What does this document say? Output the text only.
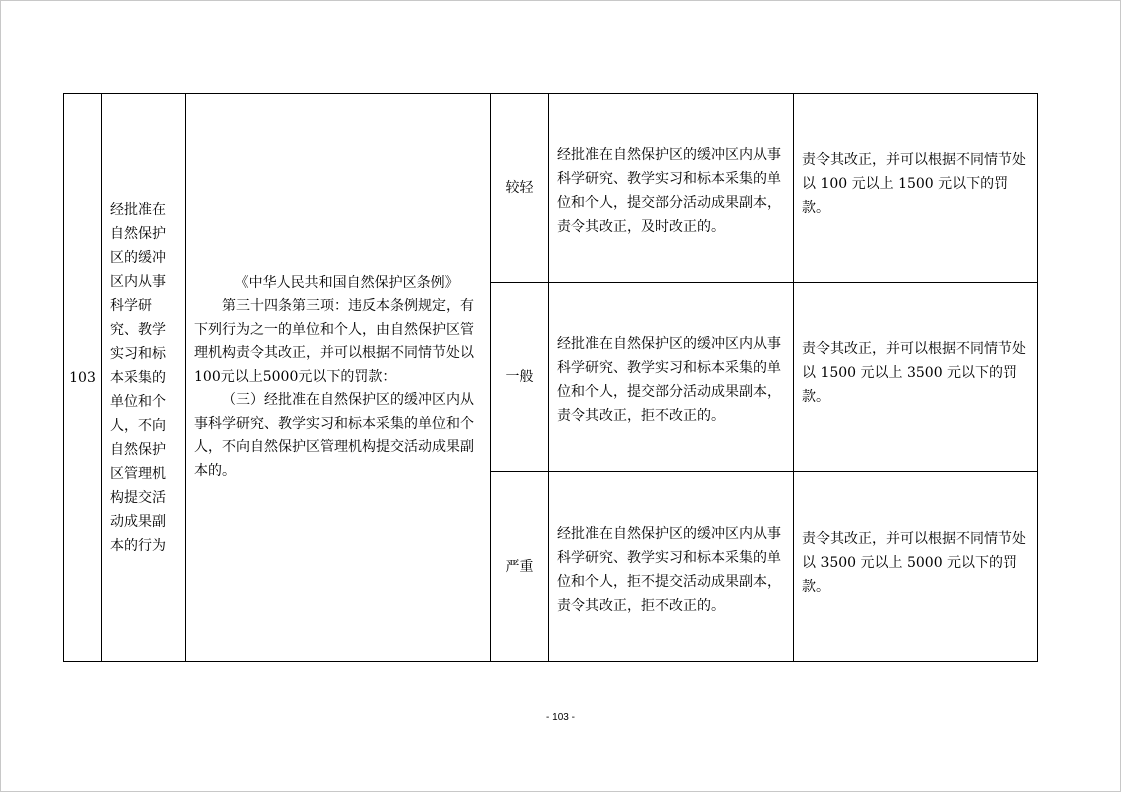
103	经批准在自然保护区的缓冲区内从事科学研究、教学实习和标本采集的单位和个人，不向自然保护区管理机构提交活动成果副本的行为	《中华人民共和国自然保护区条例》

第三十四条第三项：违反本条例规定，有下列行为之一的单位和个人，由自然保护区管理机构责令其改正，并可以根据不同情节处以100元以上5000元以下的罚款：

（三）经批准在自然保护区的缓冲区内从事科学研究、教学实习和标本采集的单位和个人，不向自然保护区管理机构提交活动成果副本的。	较轻	经批准在自然保护区的缓冲区内从事科学研究、教学实习和标本采集的单位和个人，提交部分活动成果副本，责令其改正，及时改正的。	责令其改正，并可以根据不同情节处以 100 元以上 1500 元以下的罚款。

			一般	经批准在自然保护区的缓冲区内从事科学研究、教学实习和标本采集的单位和个人，提交部分活动成果副本，责令其改正，拒不改正的。	责令其改正，并可以根据不同情节处以 1500 元以上 3500 元以下的罚款。

			严重	经批准在自然保护区的缓冲区内从事科学研究、教学实习和标本采集的单位和个人，拒不提交活动成果副本，责令其改正，拒不改正的。	责令其改正，并可以根据不同情节处以 3500 元以上 5000 元以下的罚款。
- 103 -
